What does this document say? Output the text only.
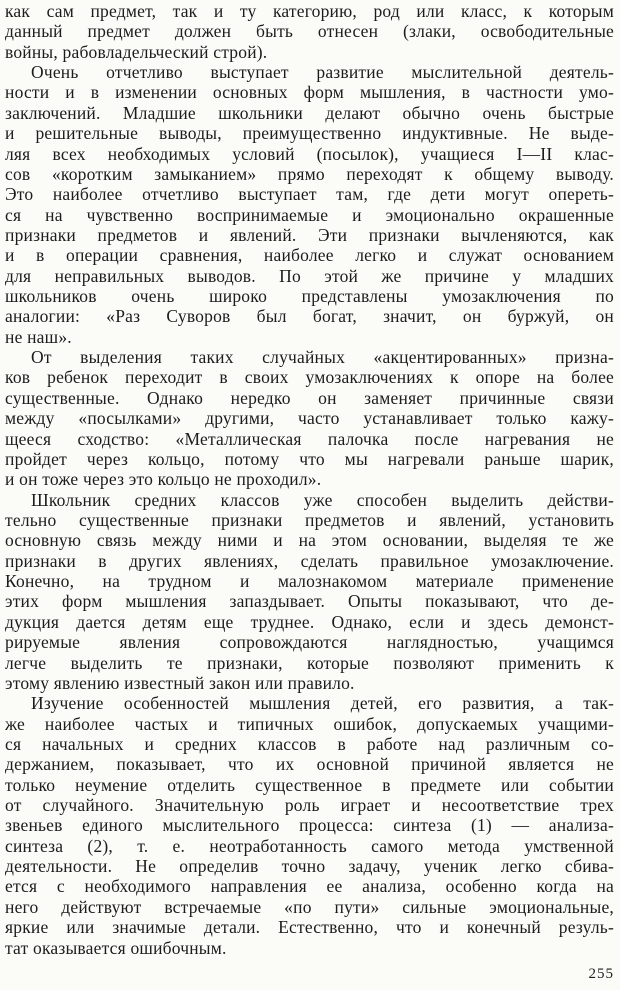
как сам предмет, так и ту категорию, род или класс, к которым
данный предмет должен быть отнесен (злаки, освободительные
войны, рабовладельческий строй).
Очень отчетливо выступает развитие мыслительной деятель-
ности и в изменении основных форм мышления, в частности умо-
заключений. Младшие школьники делают обычно очень быстрые
и решительные выводы, преимущественно индуктивные. Не выде-
ляя всех необходимых условий (посылок), учащиеся I—II клас-
сов «коротким замыканием» прямо переходят к общему выводу.
Это наиболее отчетливо выступает там, где дети могут опереть-
ся на чувственно воспринимаемые и эмоционально окрашенные
признаки предметов и явлений. Эти признаки вычленяются, как
и в операции сравнения, наиболее легко и служат основанием
для неправильных выводов. По этой же причине у младших
школьников очень широко представлены умозаключения по
аналогии: «Раз Суворов был богат, значит, он буржуй, он
не наш».
От выделения таких случайных «акцентированных» призна-
ков ребенок переходит в своих умозаключениях к опоре на более
существенные. Однако нередко он заменяет причинные связи
между «посылками» другими, часто устанавливает только кажу-
щееся сходство: «Металлическая палочка после нагревания не
пройдет через кольцо, потому что мы нагревали раньше шарик,
и он тоже через это кольцо не проходил».
Школьник средних классов уже способен выделить действи-
тельно существенные признаки предметов и явлений, установить
основную связь между ними и на этом основании, выделяя те же
признаки в других явлениях, сделать правильное умозаключение.
Конечно, на трудном и малознакомом материале применение
этих форм мышления запаздывает. Опыты показывают, что де-
дукция дается детям еще труднее. Однако, если и здесь демонст-
рируемые явления сопровождаются наглядностью, учащимся
легче выделить те признаки, которые позволяют применить к
этому явлению известный закон или правило.
Изучение особенностей мышления детей, его развития, а так-
же наиболее частых и типичных ошибок, допускаемых учащими-
ся начальных и средних классов в работе над различным со-
держанием, показывает, что их основной причиной является не
только неумение отделить существенное в предмете или событии
от случайного. Значительную роль играет и несоответствие трех
звеньев единого мыслительного процесса: синтеза (1) — анализа-
синтеза (2), т. е. неотработанность самого метода умственной
деятельности. Не определив точно задачу, ученик легко сбива-
ется с необходимого направления ее анализа, особенно когда на
него действуют встречаемые «по пути» сильные эмоциональные,
яркие или значимые детали. Естественно, что и конечный резуль-
тат оказывается ошибочным.
255
